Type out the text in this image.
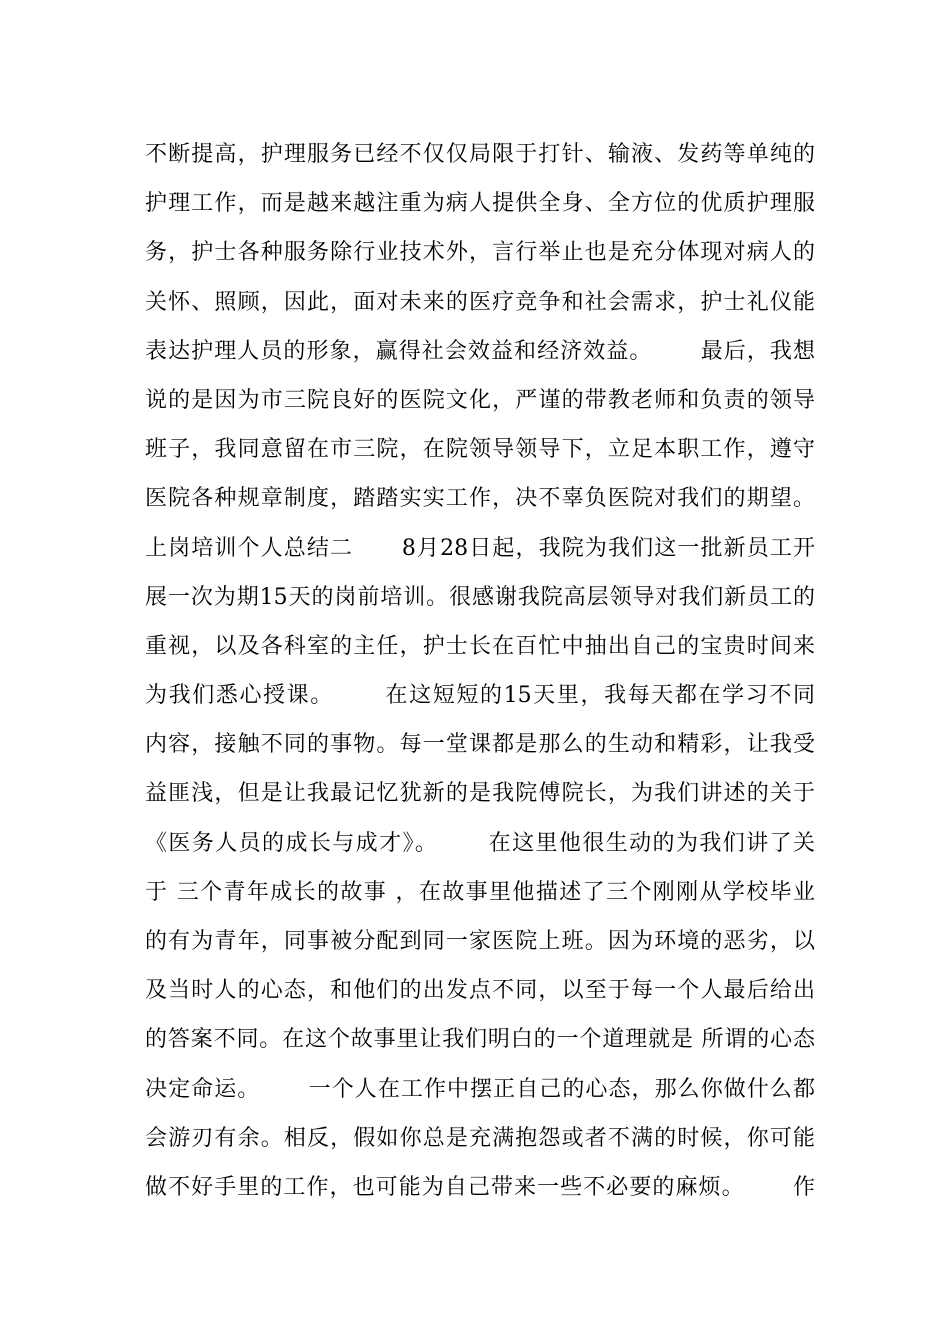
不断提高，护理服务已经不仅仅局限于打针、输液、发药等单纯的
护理工作，而是越来越注重为病人提供全身、全方位的优质护理服
务，护士各种服务除行业技术外，言行举止也是充分体现对病人的
关怀、照顾，因此，面对未来的医疗竞争和社会需求，护士礼仪能
表达护理人员的形象，赢得社会效益和经济效益。      最后，我想
说的是因为市三院良好的医院文化，严谨的带教老师和负责的领导
班子，我同意留在市三院，在院领导领导下，立足本职工作，遵守
医院各种规章制度，踏踏实实工作，决不辜负医院对我们的期望。
上岗培训个人总结二      8月28日起，我院为我们这一批新员工开
展一次为期15天的岗前培训。很感谢我院高层领导对我们新员工的
重视，以及各科室的主任，护士长在百忙中抽出自己的宝贵时间来
为我们悉心授课。      在这短短的15天里，我每天都在学习不同
内容，接触不同的事物。每一堂课都是那么的生动和精彩，让我受
益匪浅，但是让我最记忆犹新的是我院傅院长，为我们讲述的关于
《医务人员的成长与成才》。      在这里他很生动的为我们讲了关
于 三个青年成长的故事 ，在故事里他描述了三个刚刚从学校毕业
的有为青年，同事被分配到同一家医院上班。因为环境的恶劣，以
及当时人的心态，和他们的出发点不同，以至于每一个人最后给出
的答案不同。在这个故事里让我们明白的一个道理就是 所谓的心态
决定命运。      一个人在工作中摆正自己的心态，那么你做什么都
会游刃有余。相反，假如你总是充满抱怨或者不满的时候，你可能
做不好手里的工作，也可能为自己带来一些不必要的麻烦。      作
